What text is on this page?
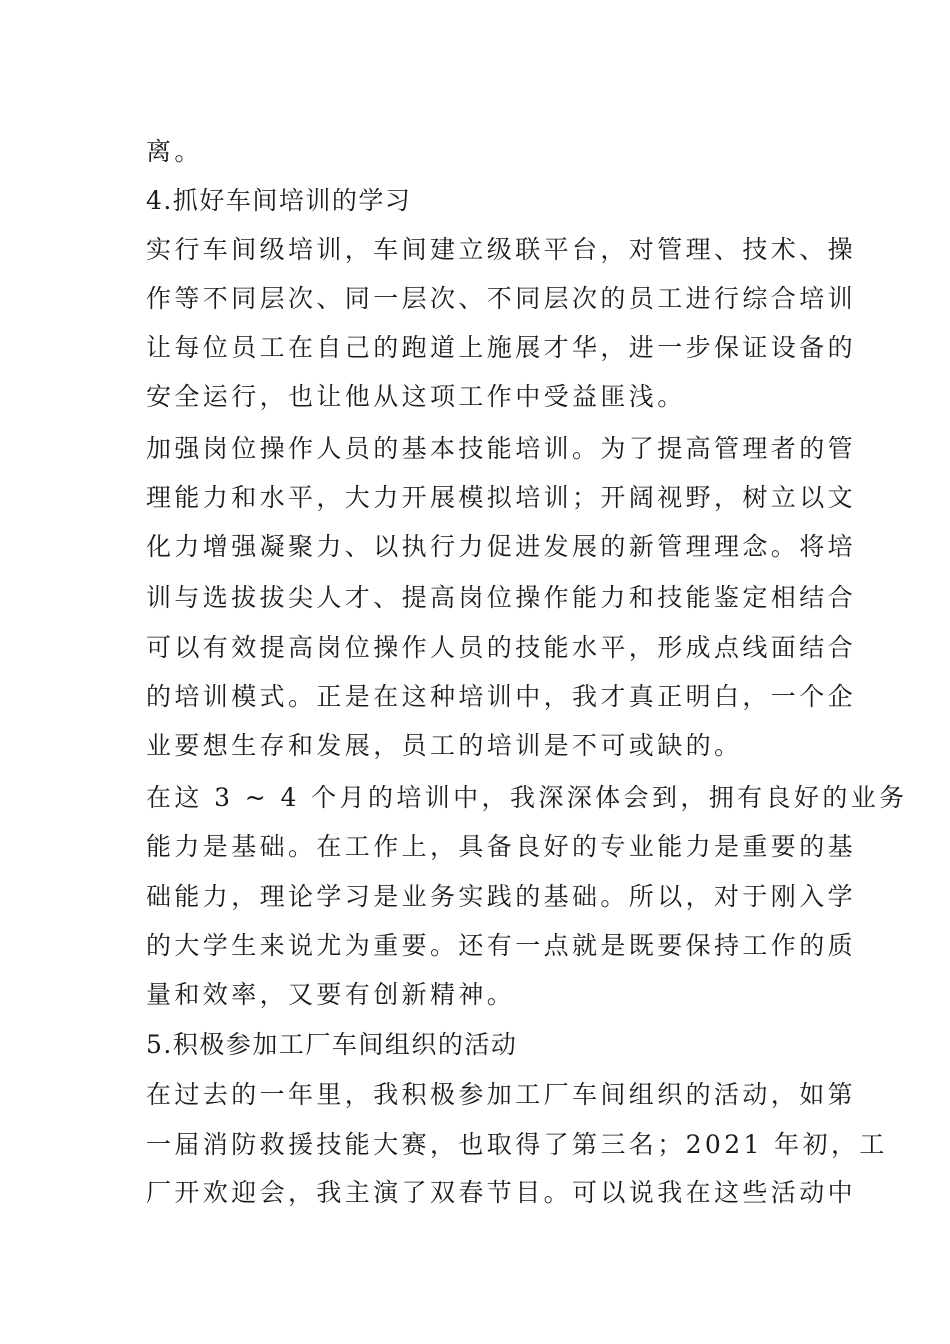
离。
4.抓好车间培训的学习
实行车间级培训，车间建立级联平台，对管理、技术、操
作等不同层次、同一层次、不同层次的员工进行综合培训
让每位员工在自己的跑道上施展才华，进一步保证设备的
安全运行，也让他从这项工作中受益匪浅。
加强岗位操作人员的基本技能培训。为了提高管理者的管
理能力和水平，大力开展模拟培训；开阔视野，树立以文
化力增强凝聚力、以执行力促进发展的新管理理念。将培
训与选拔拔尖人才、提高岗位操作能力和技能鉴定相结合
可以有效提高岗位操作人员的技能水平，形成点线面结合
的培训模式。正是在这种培训中，我才真正明白，一个企
业要想生存和发展，员工的培训是不可或缺的。
在这 3 ~ 4 个月的培训中，我深深体会到，拥有良好的业务
能力是基础。在工作上，具备良好的专业能力是重要的基
础能力，理论学习是业务实践的基础。所以，对于刚入学
的大学生来说尤为重要。还有一点就是既要保持工作的质
量和效率，又要有创新精神。
5.积极参加工厂车间组织的活动
在过去的一年里，我积极参加工厂车间组织的活动，如第
一届消防救援技能大赛，也取得了第三名；2021 年初，工
厂开欢迎会，我主演了双春节目。可以说我在这些活动中
